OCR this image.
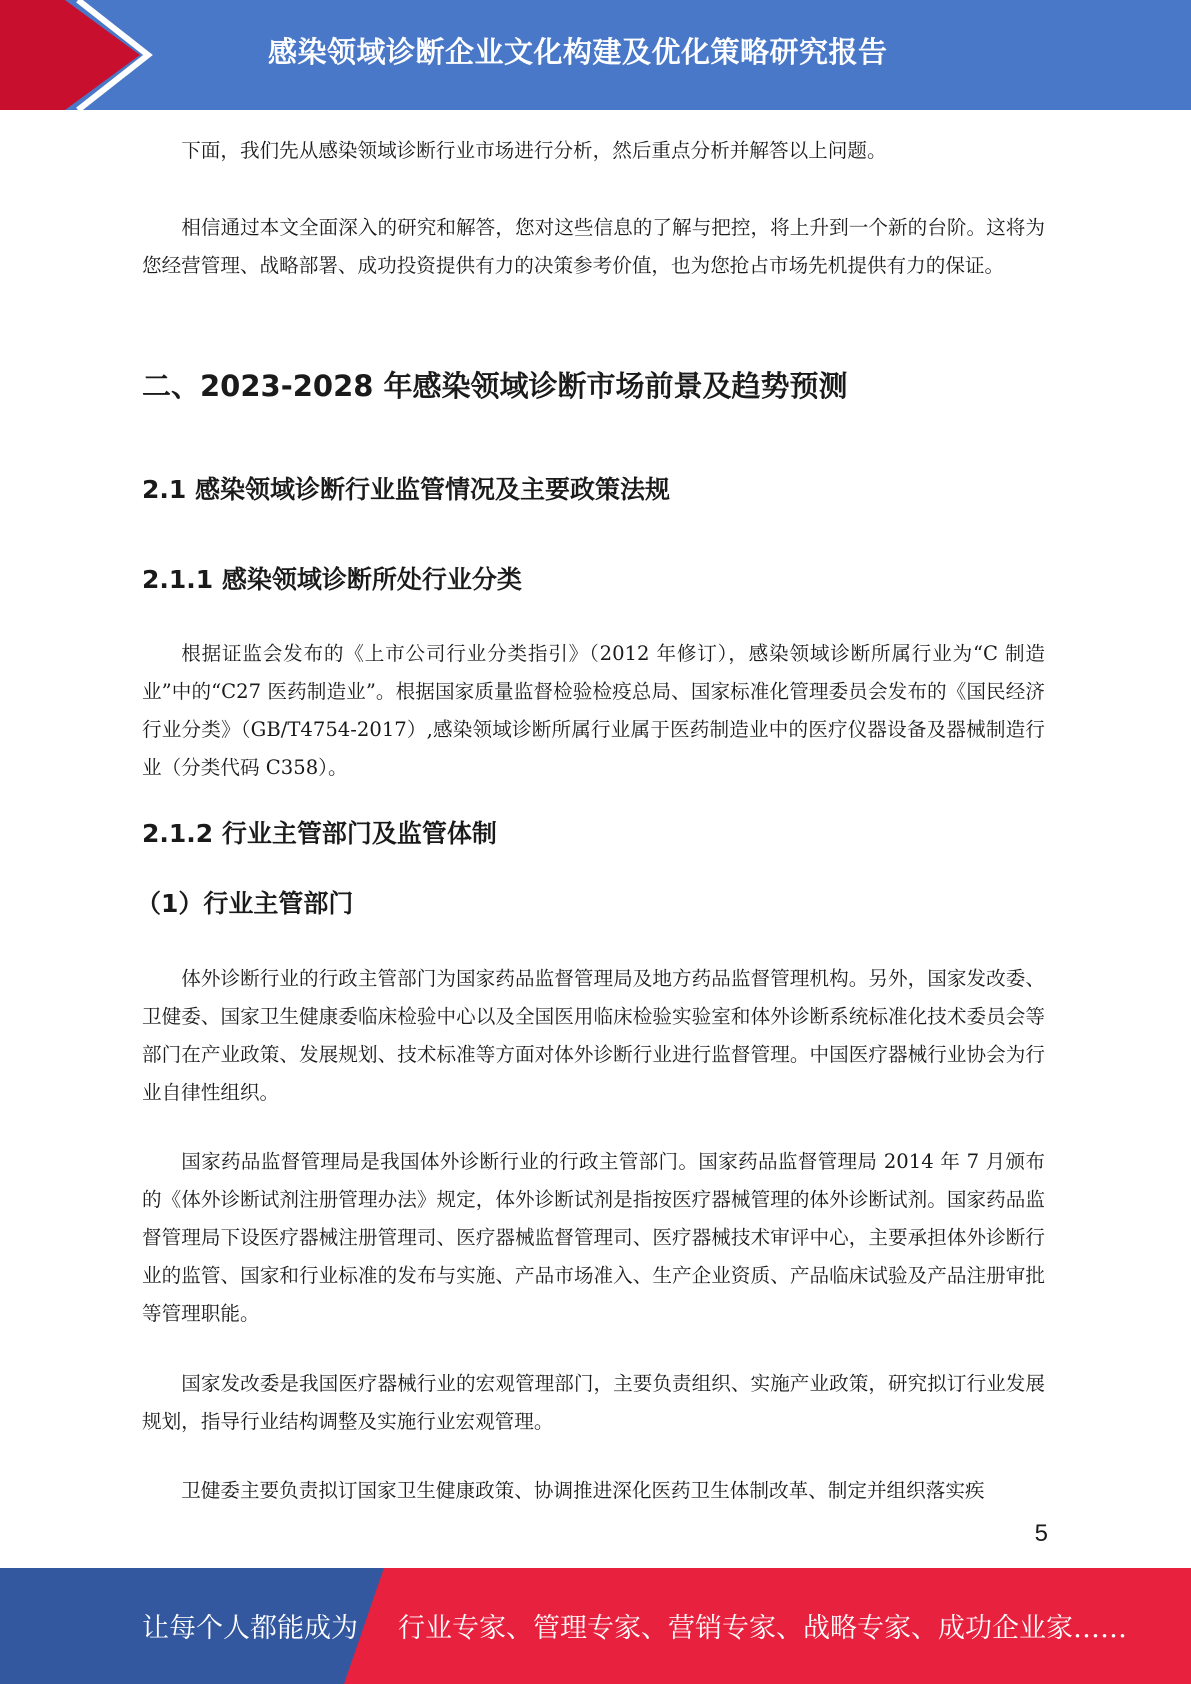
感染领域诊断企业文化构建及优化策略研究报告
下面，我们先从感染领域诊断行业市场进行分析，然后重点分析并解答以上问题。
相信通过本文全面深入的研究和解答，您对这些信息的了解与把控，将上升到一个新的台阶。这将为您经营管理、战略部署、成功投资提供有力的决策参考价值，也为您抢占市场先机提供有力的保证。
二、2023-2028 年感染领域诊断市场前景及趋势预测
2.1 感染领域诊断行业监管情况及主要政策法规
2.1.1 感染领域诊断所处行业分类
根据证监会发布的《上市公司行业分类指引》（2012 年修订），感染领域诊断所属行业为“C 制造业”中的“C27 医药制造业”。根据国家质量监督检验检疫总局、国家标准化管理委员会发布的《国民经济行业分类》（GB/T4754-2017）,感染领域诊断所属行业属于医药制造业中的医疗仪器设备及器械制造行业（分类代码 C358）。
2.1.2 行业主管部门及监管体制
（1）行业主管部门
体外诊断行业的行政主管部门为国家药品监督管理局及地方药品监督管理机构。另外，国家发改委、卫健委、国家卫生健康委临床检验中心以及全国医用临床检验实验室和体外诊断系统标准化技术委员会等部门在产业政策、发展规划、技术标准等方面对体外诊断行业进行监督管理。中国医疗器械行业协会为行业自律性组织。
国家药品监督管理局是我国体外诊断行业的行政主管部门。国家药品监督管理局 2014 年 7 月颁布的《体外诊断试剂注册管理办法》规定，体外诊断试剂是指按医疗器械管理的体外诊断试剂。国家药品监督管理局下设医疗器械注册管理司、医疗器械监督管理司、医疗器械技术审评中心，主要承担体外诊断行业的监管、国家和行业标准的发布与实施、产品市场准入、生产企业资质、产品临床试验及产品注册审批等管理职能。
国家发改委是我国医疗器械行业的宏观管理部门，主要负责组织、实施产业政策，研究拟订行业发展规划，指导行业结构调整及实施行业宏观管理。
卫健委主要负责拟订国家卫生健康政策、协调推进深化医药卫生体制改革、制定并组织落实疾
5
让每个人都能成为 行业专家、管理专家、营销专家、战略专家、成功企业家……
